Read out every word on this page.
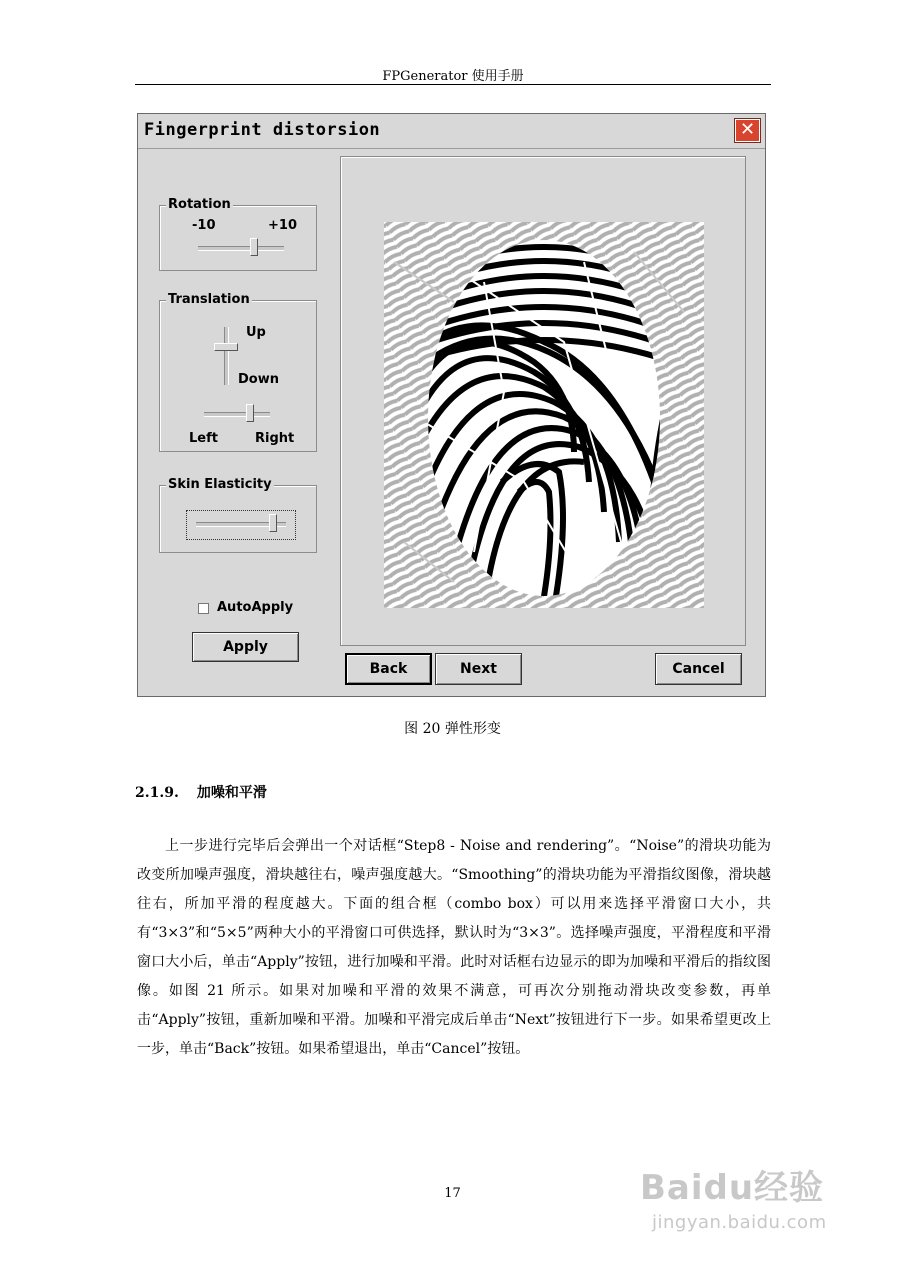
FPGenerator 使用手册
Fingerprint distorsion	✕
Rotation
-10	+10
Translation
Up
Down
Left	Right
Skin Elasticity
AutoApply
Apply
Back	Next	Cancel
图 20 弹性形变
2.1.9. 加噪和平滑

上一步进行完毕后会弹出一个对话框“Step8 - Noise and rendering”。“Noise”的滑块功能为改变所加噪声强度，滑块越往右，噪声强度越大。“Smoothing”的滑块功能为平滑指纹图像，滑块越往右，所加平滑的程度越大。下面的组合框（combo box）可以用来选择平滑窗口大小，共有“3×3”和“5×5”两种大小的平滑窗口可供选择，默认时为“3×3”。选择噪声强度，平滑程度和平滑窗口大小后，单击“Apply”按钮，进行加噪和平滑。此时对话框右边显示的即为加噪和平滑后的指纹图像。如图 21 所示。如果对加噪和平滑的效果不满意，可再次分别拖动滑块改变参数，再单击“Apply”按钮，重新加噪和平滑。加噪和平滑完成后单击“Next”按钮进行下一步。如果希望更改上一步，单击“Back”按钮。如果希望退出，单击“Cancel”按钮。

17	Baidu经验
jingyan.baidu.com
